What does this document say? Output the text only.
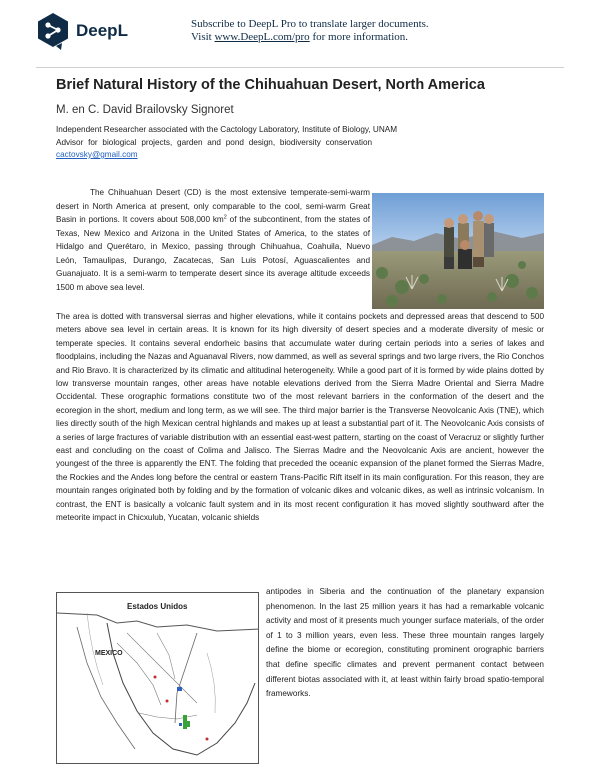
DeepL	Subscribe to DeepL Pro to translate larger documents.
Visit www.DeepL.com/pro for more information.
Brief Natural History of the Chihuahuan Desert, North America
M. en C. David Brailovsky Signoret
Independent Researcher associated with the Cactology Laboratory, Institute of Biology, UNAM
Advisor for biological projects, garden and pond design, biodiversity conservation
cactovsky@gmail.com

The Chihuahuan Desert (CD) is the most extensive temperate-semi-warm desert in North America at present, only comparable to the cool, semi-warm Great Basin in portions. It covers about 508,000 $km^2$ of the subcontinent, from the states of Texas, New Mexico and Arizona in the United States of America, to the states of Hidalgo and Querétaro, in Mexico, passing through Chihuahua, Coahuila, Nuevo León, Tamaulipas, Durango, Zacatecas, San Luis Potosí, Aguascalientes and Guanajuato. It is a semi-warm to temperate desert since its average altitude exceeds 1500 m above sea level.

The area is dotted with transversal sierras and higher elevations, while it contains pockets and depressed areas that descend to 500 meters above sea level in certain areas. It is known for its high diversity of desert species and a moderate diversity of mesic or temperate species. It contains several endorheic basins that accumulate water during certain periods into a series of lakes and floodplains, including the Nazas and Aguanaval Rivers, now dammed, as well as several springs and two large rivers, the Rio Conchos and Rio Bravo. It is characterized by its climatic and altitudinal heterogeneity. While a good part of it is formed by wide plains dotted by low transverse mountain ranges, other areas have notable elevations derived from the Sierra Madre Oriental and Sierra Madre Occidental. These orographic formations constitute two of the most relevant barriers in the conformation of the desert and the ecoregion in the short, medium and long term, as we will see. The third major barrier is the Transverse Neovolcanic Axis (TNE), which lies directly south of the high Mexican central highlands and makes up at least a substantial part of it. The Neovolcanic Axis consists of a series of large fractures of variable distribution with an essential east-west pattern, starting on the coast of Veracruz or slightly further east and concluding on the coast of Colima and Jalisco. The Sierras Madre and the Neovolcanic Axis are ancient, however the youngest of the three is apparently the ENT. The folding that preceded the oceanic expansion of the planet formed the Sierras Madre, the Rockies and the Andes long before the central or eastern Trans-Pacific Rift itself in its main configuration. For this reason, they are mountain ranges originated both by folding and by the formation of volcanic dikes and volcanic dikes, as well as intrinsic volcanism. In contrast, the ENT is basically a volcanic fault system and in its most recent configuration it has moved slightly southward after the meteorite impact in Chicxulub, Yucatan, volcanic shields

Estados Unidos
MEXICO

antipodes in Siberia and the continuation of the planetary expansion phenomenon. In the last 25 million years it has had a remarkable volcanic activity and most of it presents much younger surface materials, of the order of 1 to 3 million years, even less. These three mountain ranges largely define the biome or ecoregion, constituting prominent orographic barriers that define specific climates and prevent permanent contact between different biotas associated with it, at least within fairly broad spatio-temporal frameworks.
